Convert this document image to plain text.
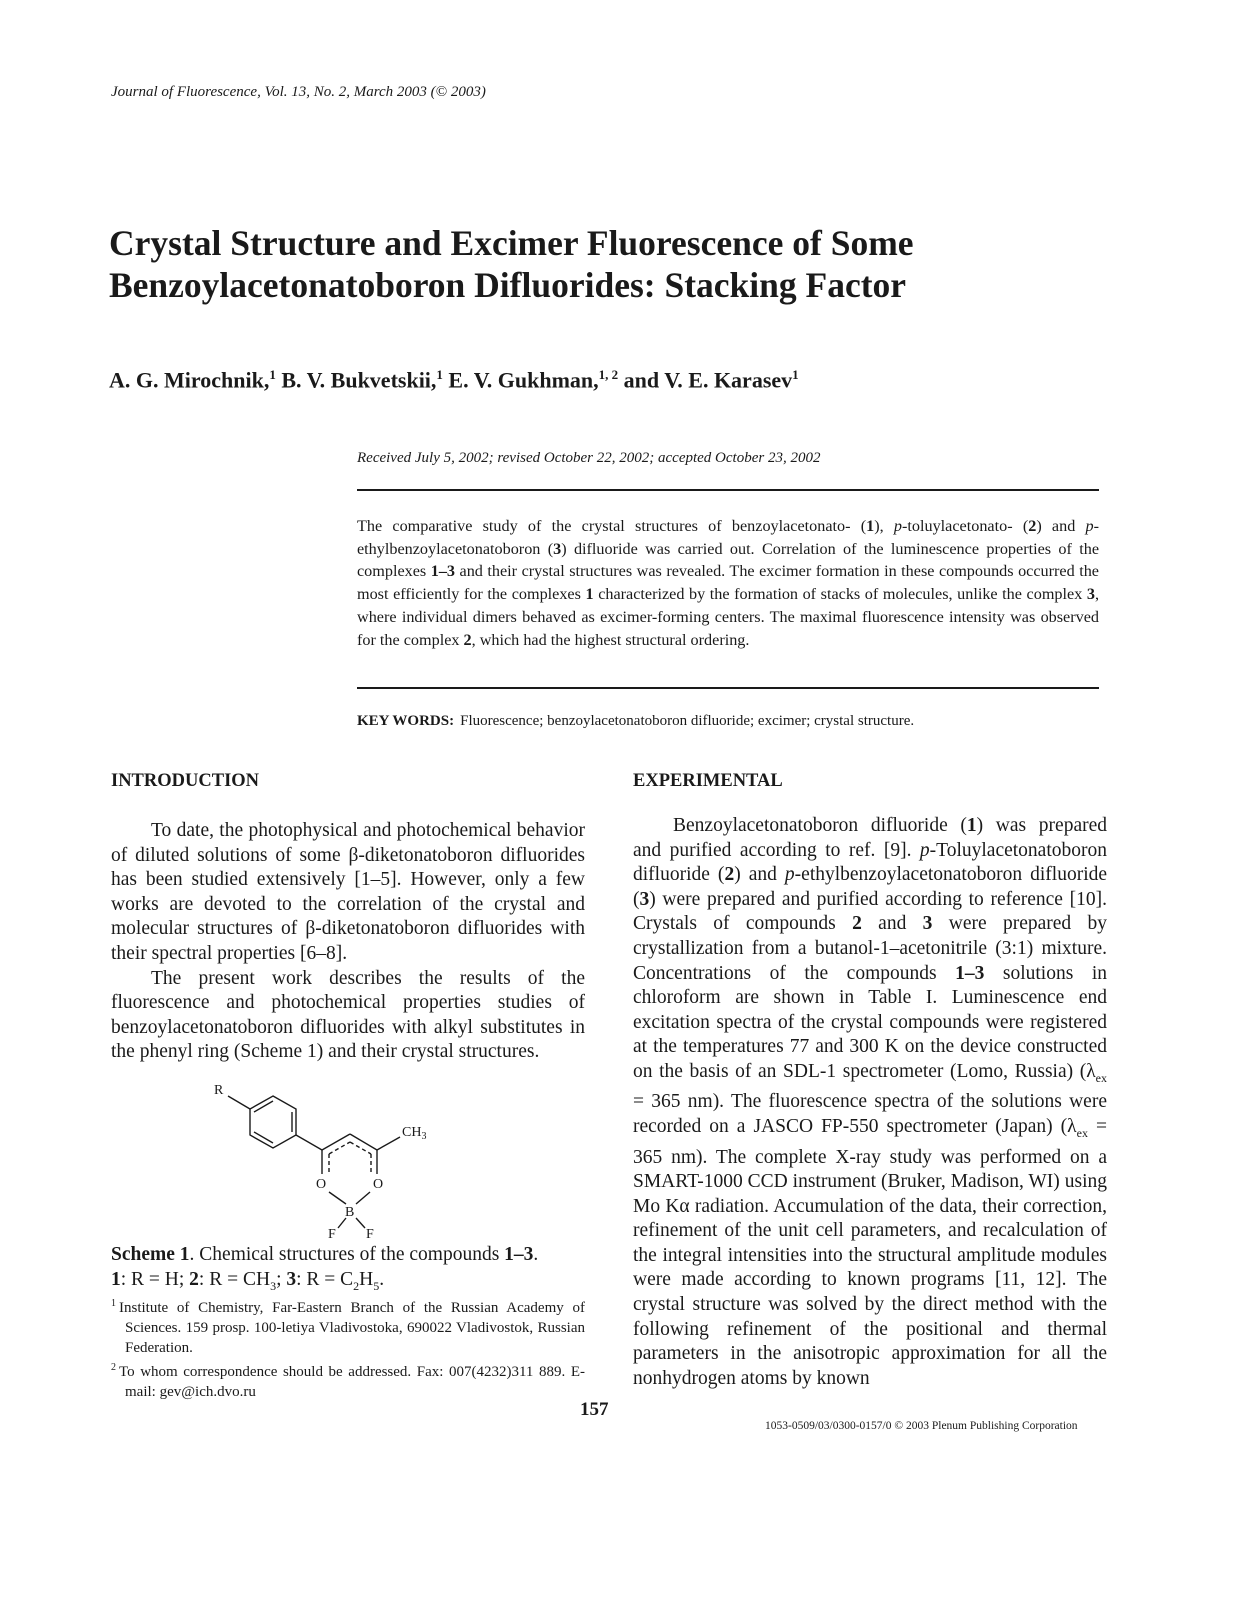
Journal of Fluorescence, Vol. 13, No. 2, March 2003 (© 2003)
Crystal Structure and Excimer Fluorescence of Some
Benzoylacetonatoboron Difluorides: Stacking Factor
A. G. Mirochnik,$^1$ B. V. Bukvetskii,$^1$ E. V. Gukhman,$^{1, 2}$ and V. E. Karasev$^1$
Received July 5, 2002; revised October 22, 2002; accepted October 23, 2002

The comparative study of the crystal structures of benzoylacetonato- (1), p-toluylacetonato- (2) and p-ethylbenzoylacetonatoboron (3) difluoride was carried out. Correlation of the luminescence properties of the complexes 1–3 and their crystal structures was revealed. The excimer formation in these compounds occurred the most efficiently for the complexes 1 characterized by the formation of stacks of molecules, unlike the complex 3, where individual dimers behaved as excimer-forming centers. The maximal fluorescence intensity was observed for the complex 2, which had the highest structural ordering.

KEY WORDS: Fluorescence; benzoylacetonatoboron difluoride; excimer; crystal structure.
INTRODUCTION	EXPERIMENTAL

To date, the photophysical and photochemical behavior of diluted solutions of some β-diketonatoboron difluorides has been studied extensively [1–5]. However, only a few works are devoted to the correlation of the crystal and molecular structures of β-diketonatoboron difluorides with their spectral properties [6–8].

The present work describes the results of the fluorescence and photochemical properties studies of benzoylacetonatoboron difluorides with alkyl substitutes in the phenyl ring (Scheme 1) and their crystal structures.

R
$CH_3$
O	O
B
F F

Scheme 1. Chemical structures of the compounds 1–3.
1: R = H; 2: $R = CH_3$; 3: $R = C_2H_5$.

$^1$ Institute of Chemistry, Far-Eastern Branch of the Russian Academy of Sciences. 159 prosp. 100-letiya Vladivostoka, 690022 Vladivostok, Russian Federation.

$^2$ To whom correspondence should be addressed. Fax: 007(4232)311 889. E-mail: gev@ich.dvo.ru

Benzoylacetonatoboron difluoride (1) was prepared and purified according to ref. [9]. p-Toluylacetonatoboron difluoride (2) and p-ethylbenzoylacetonatoboron difluoride (3) were prepared and purified according to reference [10]. Crystals of compounds 2 and 3 were prepared by crystallization from a butanol-1–acetonitrile (3:1) mixture. Concentrations of the compounds 1–3 solutions in chloroform are shown in Table I. Luminescence end excitation spectra of the crystal compounds were registered at the temperatures 77 and 300 K on the device constructed on the basis of an SDL-1 spectrometer (Lomo, Russia) ($\lambda_{ex} = 365$ nm). The fluorescence spectra of the solutions were recorded on a JASCO FP-550 spectrometer (Japan) ($\lambda_{ex} = 365$ nm). The complete X-ray study was performed on a SMART-1000 CCD instrument (Bruker, Madison, WI) using Mo Kα radiation. Accumulation of the data, their correction, refinement of the unit cell parameters, and recalculation of the integral intensities into the structural amplitude modules were made according to known programs [11, 12]. The crystal structure was solved by the direct method with the following refinement of the positional and thermal parameters in the anisotropic approximation for all the nonhydrogen atoms by known

157
1053-0509/03/0300-0157/0 © 2003 Plenum Publishing Corporation
